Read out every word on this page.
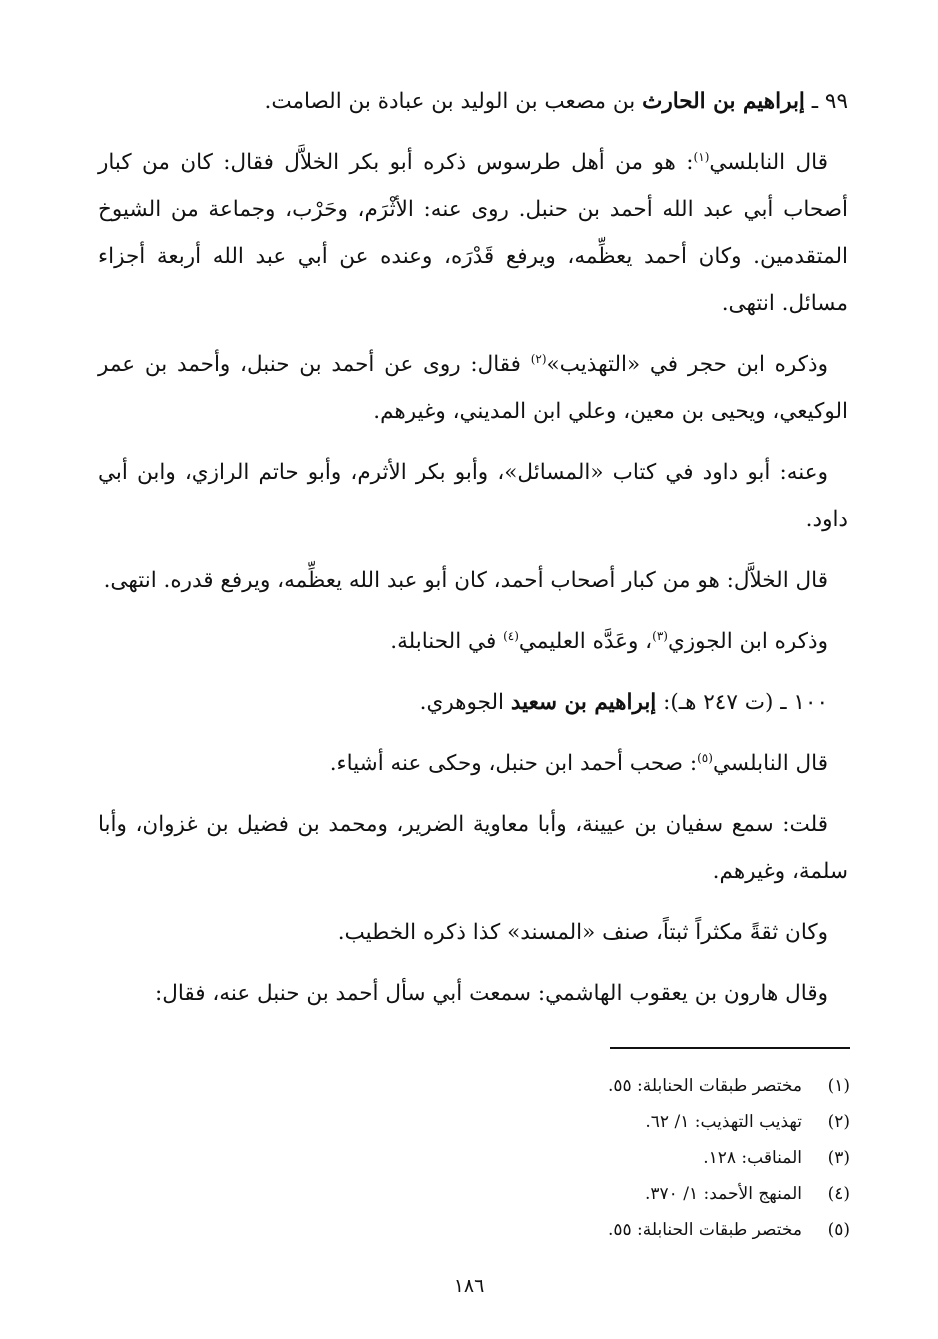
٩٩ ـ إبراهيم بن الحارث بن مصعب بن الوليد بن عبادة بن الصامت.

قال النابلسي$^{(١)}$: هو من أهل طرسوس ذكره أبو بكر الخلاَّل فقال: كان من كبار أصحاب أبي عبد الله أحمد بن حنبل. روى عنه: الأثْرَم، وحَرْب، وجماعة من الشيوخ المتقدمين. وكان أحمد يعظِّمه، ويرفع قَدْرَه، وعنده عن أبي عبد الله أربعة أجزاء مسائل. انتهى.

وذكره ابن حجر في «التهذيب»$^{(٢)}$ فقال: روى عن أحمد بن حنبل، وأحمد بن عمر الوكيعي، ويحيى بن معين، وعلي ابن المديني، وغيرهم.

وعنه: أبو داود في كتاب «المسائل»، وأبو بكر الأثرم، وأبو حاتم الرازي، وابن أبي داود.

قال الخلاَّل: هو من كبار أصحاب أحمد، كان أبو عبد الله يعظِّمه، ويرفع قدره. انتهى.

وذكره ابن الجوزي$^{(٣)}$، وعَدَّه العليمي$^{(٤)}$ في الحنابلة.

١٠٠ ـ (ت ٢٤٧ هـ): إبراهيم بن سعيد الجوهري.

قال النابلسي$^{(٥)}$: صحب أحمد ابن حنبل، وحكى عنه أشياء.

قلت: سمع سفيان بن عيينة، وأبا معاوية الضرير، ومحمد بن فضيل بن غزوان، وأبا سلمة، وغيرهم.

وكان ثقةً مكثراً ثبتاً، صنف «المسند» كذا ذكره الخطيب.

وقال هارون بن يعقوب الهاشمي: سمعت أبي سأل أحمد بن حنبل عنه، فقال:

(١)
مختصر طبقات الحنابلة: ٥٥.
(٢)
تهذيب التهذيب: ١/ ٦٢.
(٣)
المناقب: ١٢٨.
(٤)
المنهج الأحمد: ١/ ٣٧٠.
(٥)
مختصر طبقات الحنابلة: ٥٥.
١٨٦
